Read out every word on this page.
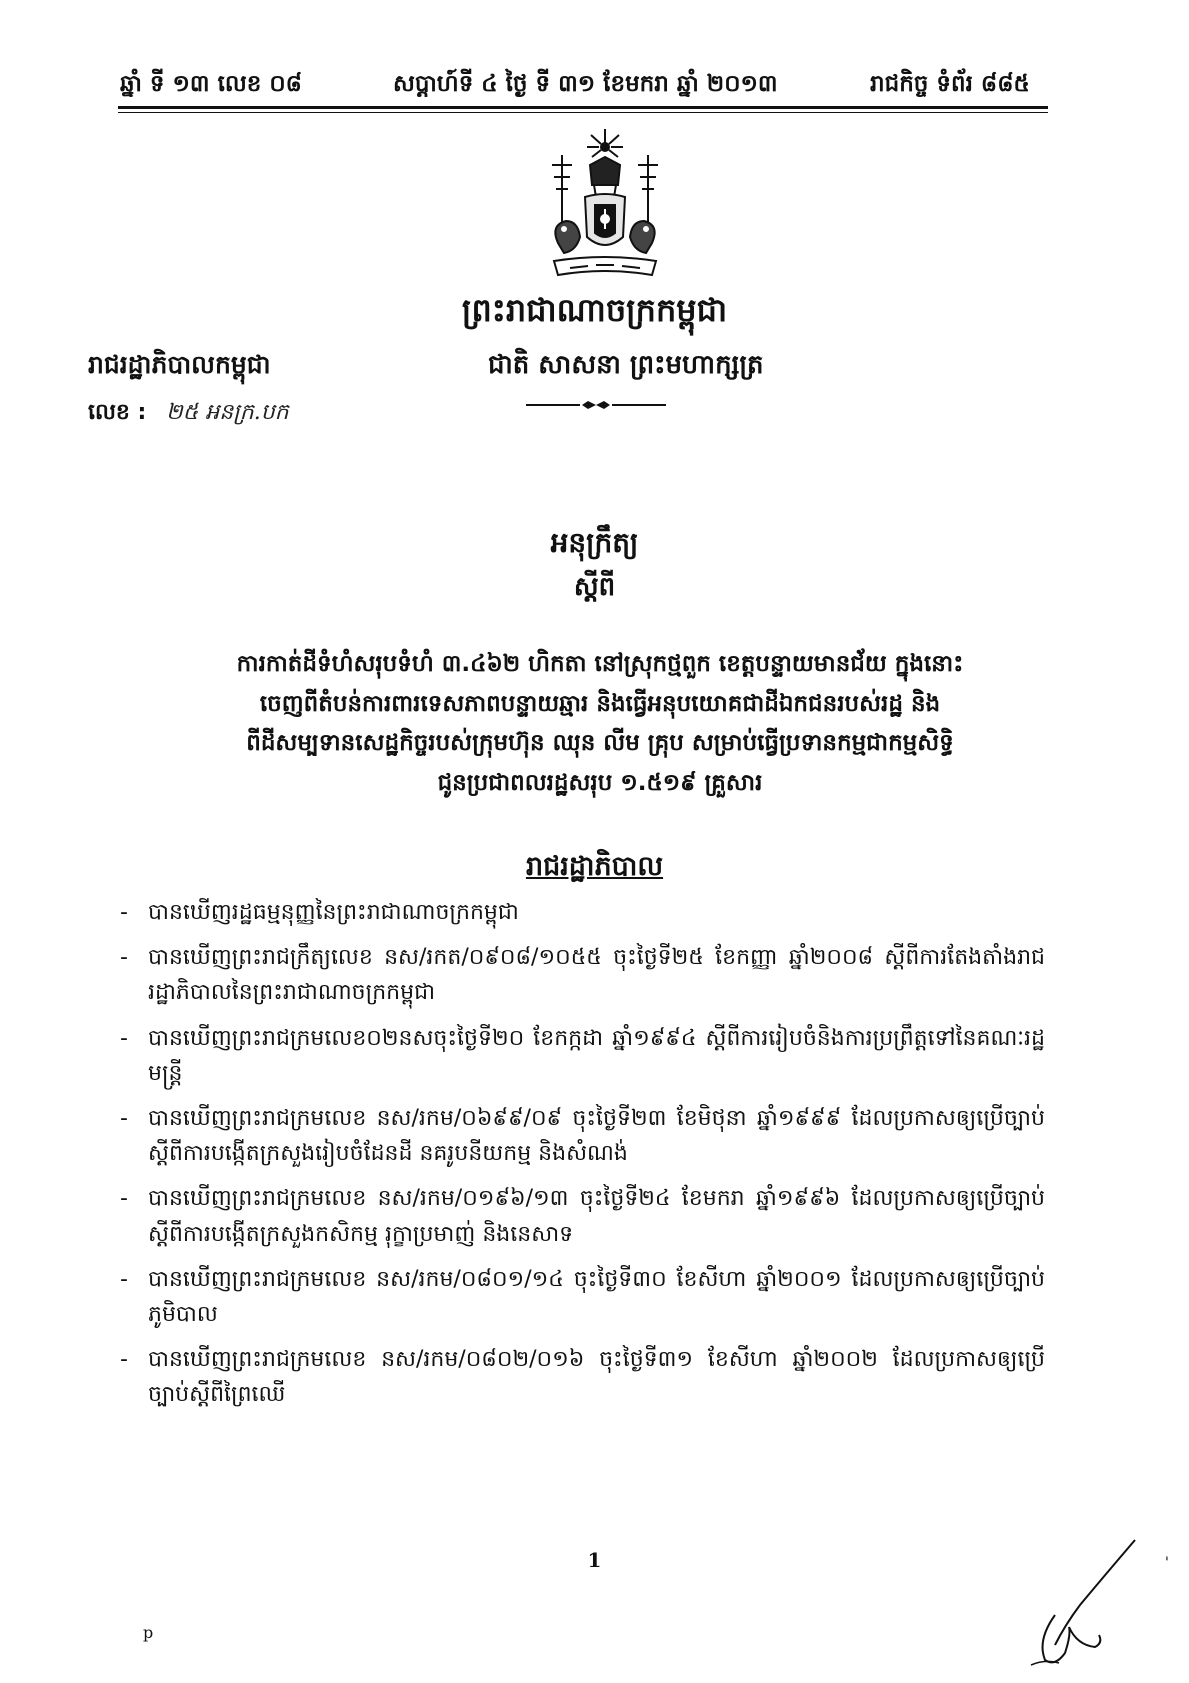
ឆ្នាំ ទី ១៣ លេខ ០៨	សប្តាហ៍ទី ៤ ថ្ងៃ ទី ៣១ ខែមករា ឆ្នាំ ២០១៣	រាជកិច្ច ទំព័រ ៨៨៥
ព្រះរាជាណាចក្រកម្ពុជា
ជាតិ សាសនា ព្រះមហាក្សត្រ
រាជរដ្ឋាភិបាលកម្ពុជា
លេខ : ២៥ អនក្រ.បក
អនុក្រឹត្យ
ស្តីពី
ការកាត់ដីទំហំសរុបទំហំ ៣.៤៦២ ហិកតា នៅស្រុកថ្មពួក ខេត្តបន្ទាយមានជ័យ ក្នុងនោះ
ចេញពីតំបន់ការពារទេសភាពបន្ទាយឆ្មារ និងធ្វើអនុបយោគជាដីឯកជនរបស់រដ្ឋ និង
ពីដីសម្បទានសេដ្ឋកិច្ចរបស់ក្រុមហ៊ុន ឈុន លីម គ្រុប សម្រាប់ធ្វើប្រទានកម្មជាកម្មសិទ្ធិ
ជូនប្រជាពលរដ្ឋសរុប ១.៥១៩ គ្រួសារ
រាជរដ្ឋាភិបាល
- បានឃើញរដ្ឋធម្មនុញ្ញនៃព្រះរាជាណាចក្រកម្ពុជា
- បានឃើញព្រះរាជក្រឹត្យលេខ នស/រកត/០៩០៨/១០៥៥ ចុះថ្ងៃទី២៥ ខែកញ្ញា ឆ្នាំ២០០៨ ស្តីពីការតែងតាំងរាជរដ្ឋាភិបាលនៃព្រះរាជាណាចក្រកម្ពុជា
- បានឃើញព្រះរាជក្រមលេខ០២នសចុះថ្ងៃទី២០ ខែកក្កដា ឆ្នាំ១៩៩៤ ស្តីពីការរៀបចំនិងការប្រព្រឹត្តទៅនៃគណៈរដ្ឋមន្ត្រី
- បានឃើញព្រះរាជក្រមលេខ នស/រកម/០៦៩៩/០៩ ចុះថ្ងៃទី២៣ ខែមិថុនា ឆ្នាំ១៩៩៩ ដែលប្រកាសឲ្យប្រើច្បាប់ស្តីពីការបង្កើតក្រសួងរៀបចំដែនដី នគរូបនីយកម្ម និងសំណង់
- បានឃើញព្រះរាជក្រមលេខ នស/រកម/០១៩៦/១៣ ចុះថ្ងៃទី២៤ ខែមករា ឆ្នាំ១៩៩៦ ដែលប្រកាសឲ្យប្រើច្បាប់ ស្តីពីការបង្កើតក្រសួងកសិកម្ម រុក្ខាប្រមាញ់ និងនេសាទ
- បានឃើញព្រះរាជក្រមលេខ នស/រកម/០៨០១/១៤ ចុះថ្ងៃទី៣០ ខែសីហា ឆ្នាំ២០០១ ដែលប្រកាសឲ្យប្រើច្បាប់ភូមិបាល
- បានឃើញព្រះរាជក្រមលេខ នស/រកម/០៨០២/០១៦ ចុះថ្ងៃទី៣១ ខែសីហា ឆ្នាំ២០០២ ដែលប្រកាសឲ្យប្រើច្បាប់ស្តីពីព្រៃឈើ
1
p
'
